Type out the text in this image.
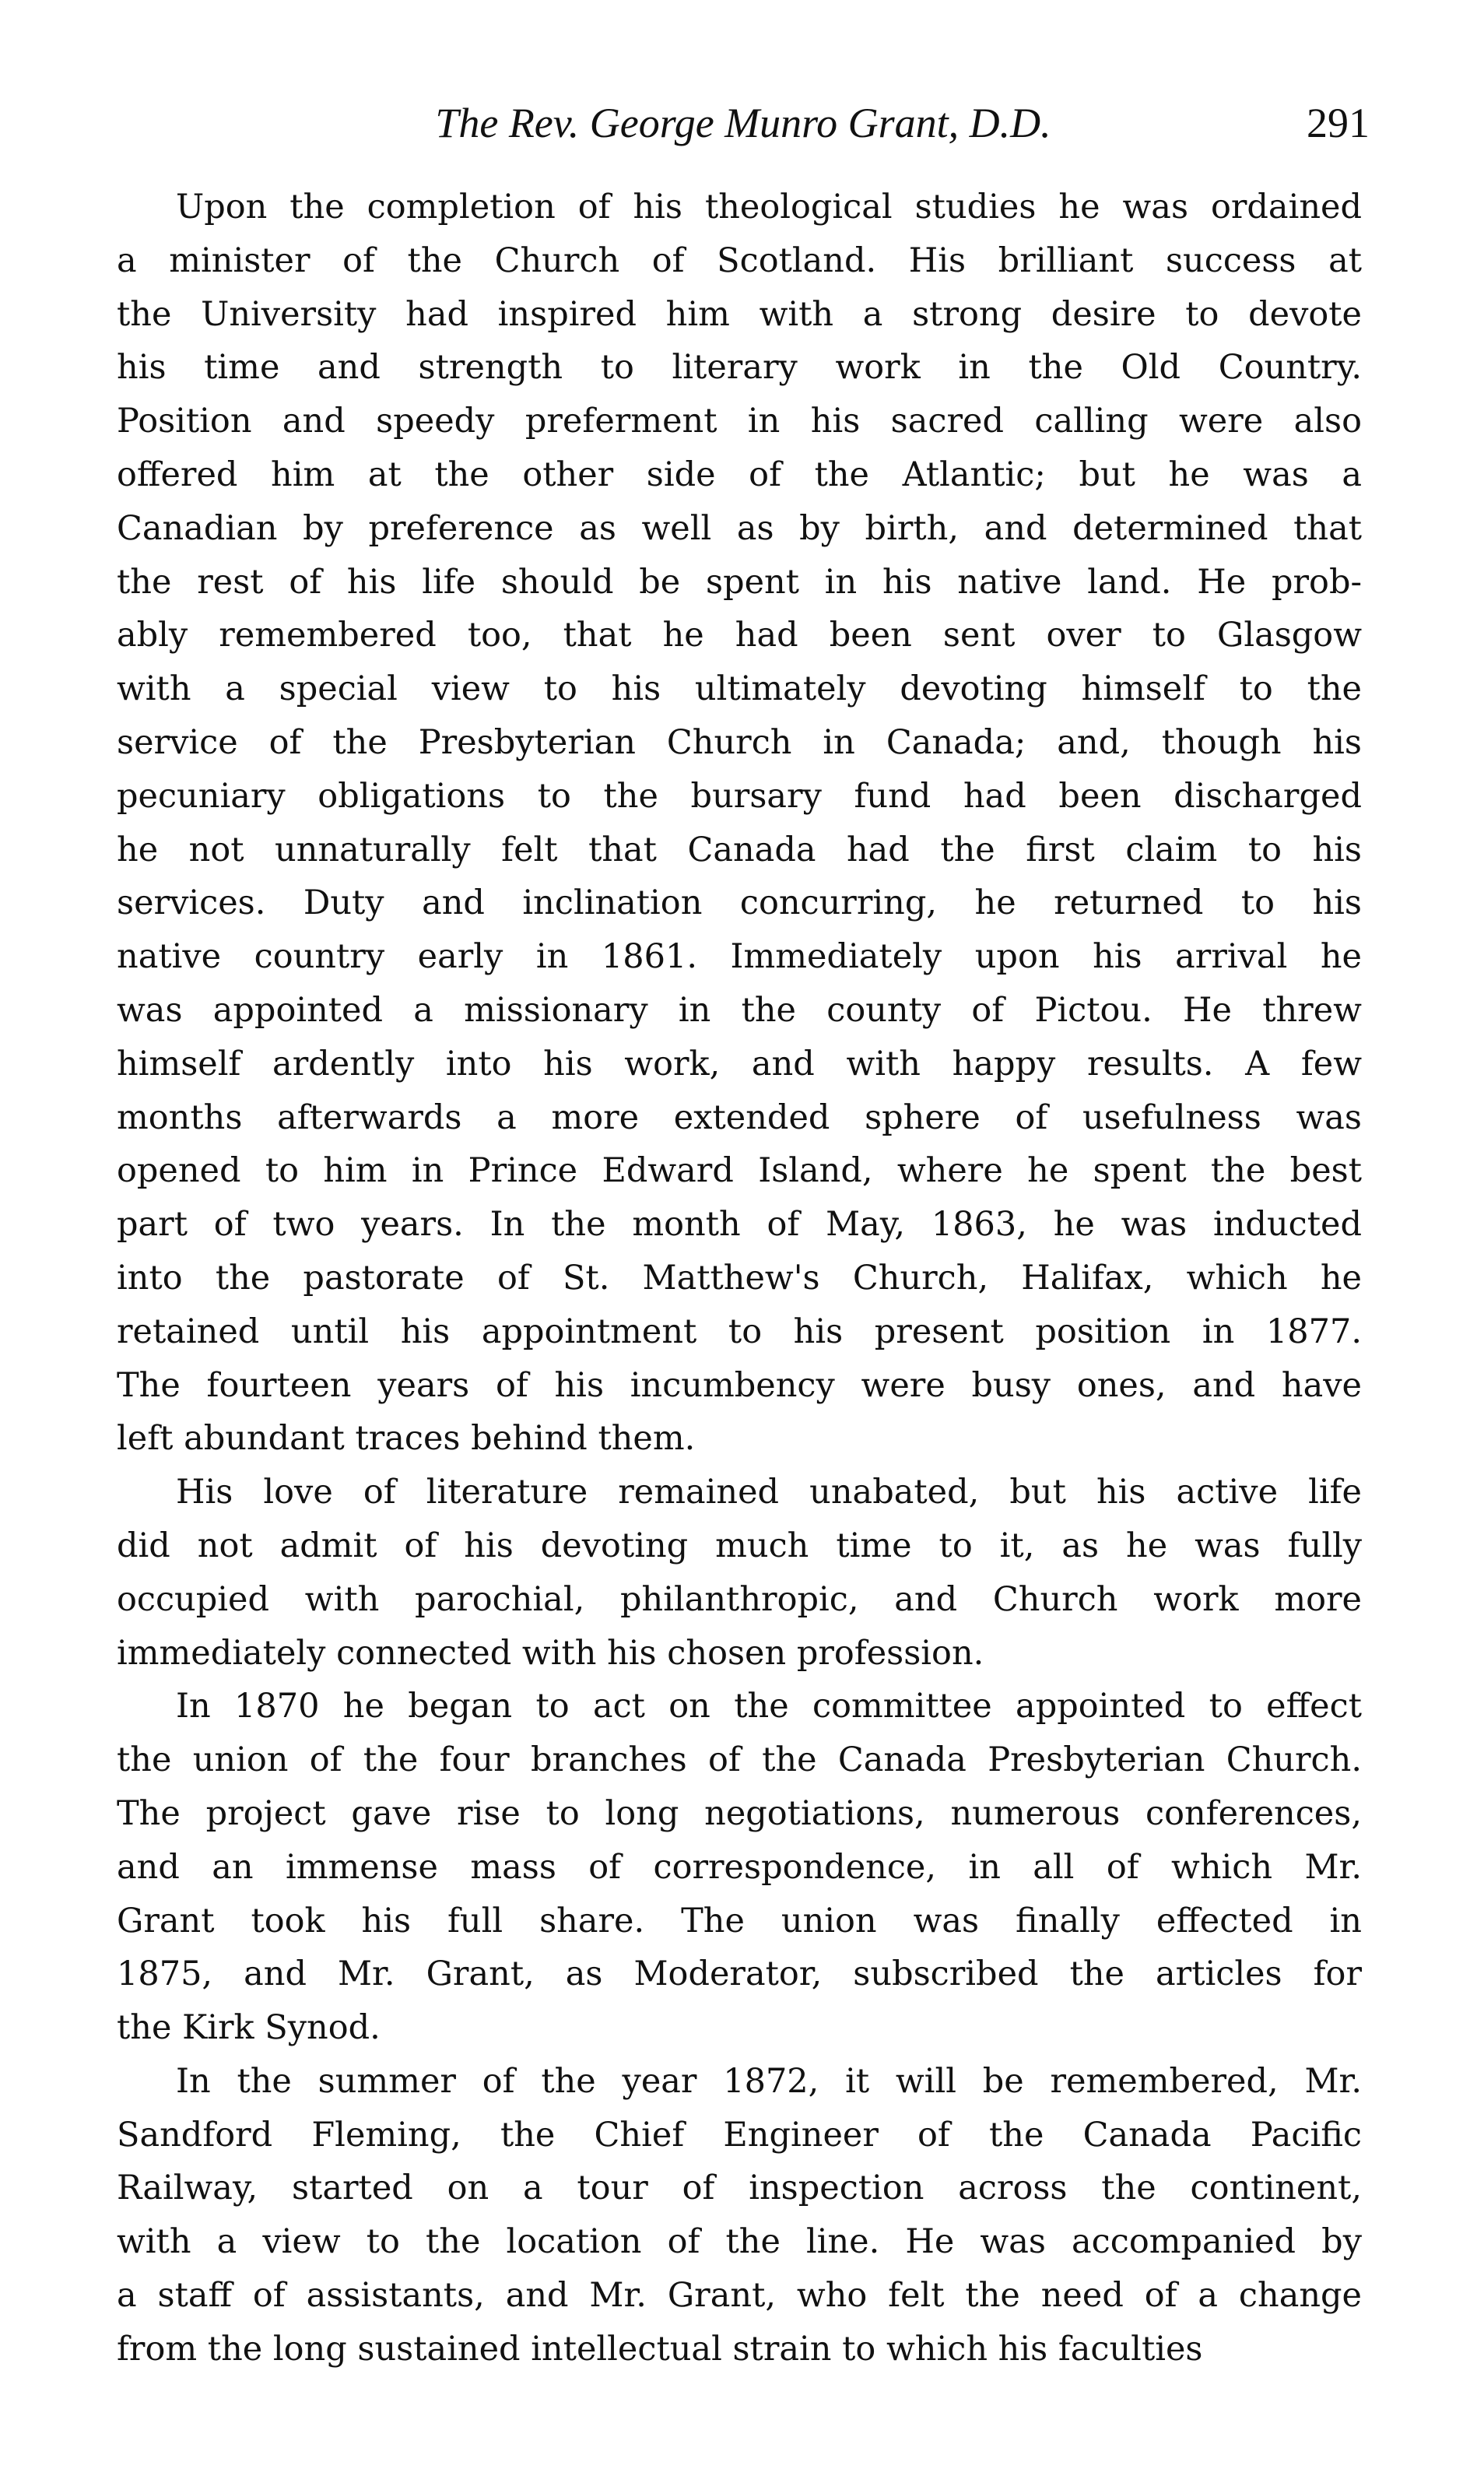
The Rev. George Munro Grant, D.D.	291
Upon the completion of his theological studies he was ordained
a minister of the Church of Scotland. His brilliant success at
the University had inspired him with a strong desire to devote
his time and strength to literary work in the Old Country.
Position and speedy preferment in his sacred calling were also
offered him at the other side of the Atlantic; but he was a
Canadian by preference as well as by birth, and determined that
the rest of his life should be spent in his native land. He prob-
ably remembered too, that he had been sent over to Glasgow
with a special view to his ultimately devoting himself to the
service of the Presbyterian Church in Canada; and, though his
pecuniary obligations to the bursary fund had been discharged
he not unnaturally felt that Canada had the first claim to his
services. Duty and inclination concurring, he returned to his
native country early in 1861. Immediately upon his arrival he
was appointed a missionary in the county of Pictou. He threw
himself ardently into his work, and with happy results. A few
months afterwards a more extended sphere of usefulness was
opened to him in Prince Edward Island, where he spent the best
part of two years. In the month of May, 1863, he was inducted
into the pastorate of St. Matthew's Church, Halifax, which he
retained until his appointment to his present position in 1877.
The fourteen years of his incumbency were busy ones, and have
left abundant traces behind them.
His love of literature remained unabated, but his active life
did not admit of his devoting much time to it, as he was fully
occupied with parochial, philanthropic, and Church work more
immediately connected with his chosen profession.
In 1870 he began to act on the committee appointed to effect
the union of the four branches of the Canada Presbyterian Church.
The project gave rise to long negotiations, numerous conferences,
and an immense mass of correspondence, in all of which Mr.
Grant took his full share. The union was finally effected in
1875, and Mr. Grant, as Moderator, subscribed the articles for
the Kirk Synod.
In the summer of the year 1872, it will be remembered, Mr.
Sandford Fleming, the Chief Engineer of the Canada Pacific
Railway, started on a tour of inspection across the continent,
with a view to the location of the line. He was accompanied by
a staff of assistants, and Mr. Grant, who felt the need of a change
from the long sustained intellectual strain to which his faculties
